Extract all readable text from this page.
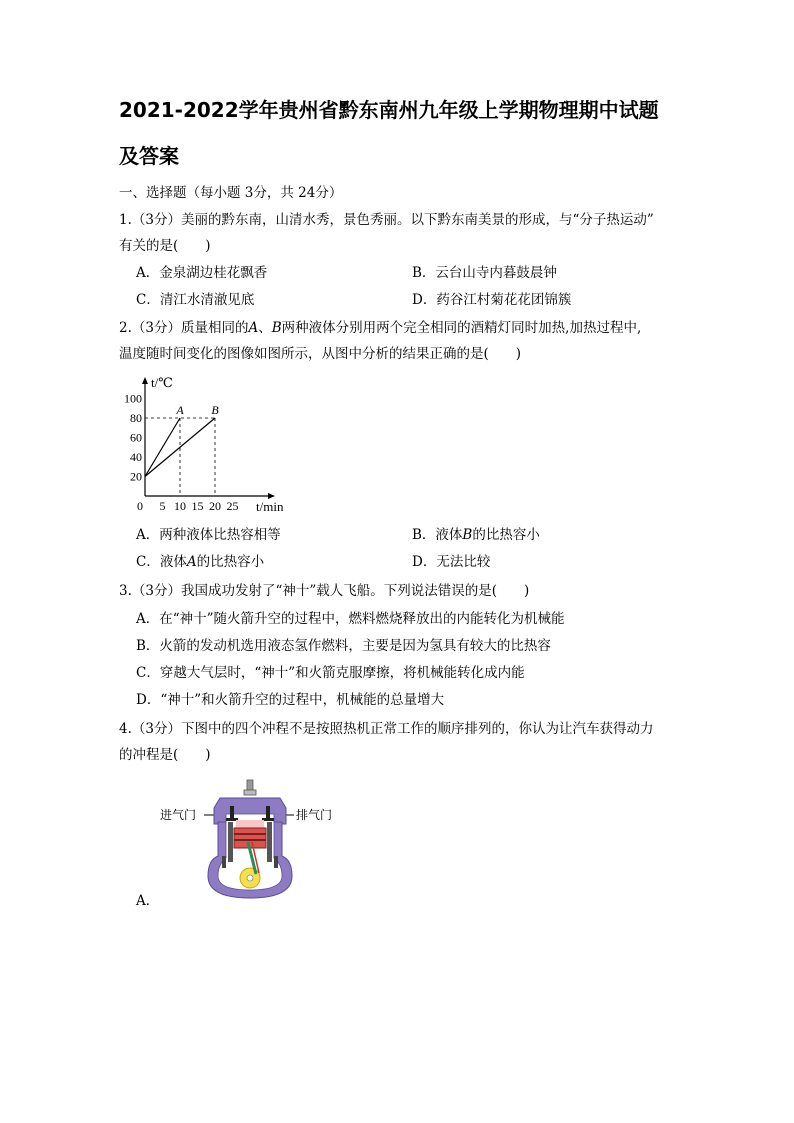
2021-2022学年贵州省黔东南州九年级上学期物理期中试题
及答案
一、选择题（每小题 3分，共 24分）
1.（3分）美丽的黔东南，山清水秀，景色秀丽。以下黔东南美景的形成，与“分子热运动”
有关的是(　　)
A．金泉湖边桂花飘香	B．云台山寺内暮鼓晨钟
C．清江水清澈见底	D．药谷江村菊花花团锦簇
2.（3分）质量相同的A、B两种液体分别用两个完全相同的酒精灯同时加热,加热过程中,
温度随时间变化的图像如图所示，从图中分析的结果正确的是(　　)
t/℃
t/min
0
20
40
60
80
100
5 10 15 20 25
A B
A．两种液体比热容相等	B．液体B的比热容小
C．液体A的比热容小	D．无法比较
3.（3分）我国成功发射了“神十”载人飞船。下列说法错误的是(　　)
A．在“神十”随火箭升空的过程中，燃料燃烧释放出的内能转化为机械能
B．火箭的发动机选用液态氢作燃料，主要是因为氢具有较大的比热容
C．穿越大气层时，“神十”和火箭克服摩擦，将机械能转化成内能
D．“神十”和火箭升空的过程中，机械能的总量增大
4.（3分）下图中的四个冲程不是按照热机正常工作的顺序排列的，你认为让汽车获得动力
的冲程是(　　)
进气门	排气门
A．
